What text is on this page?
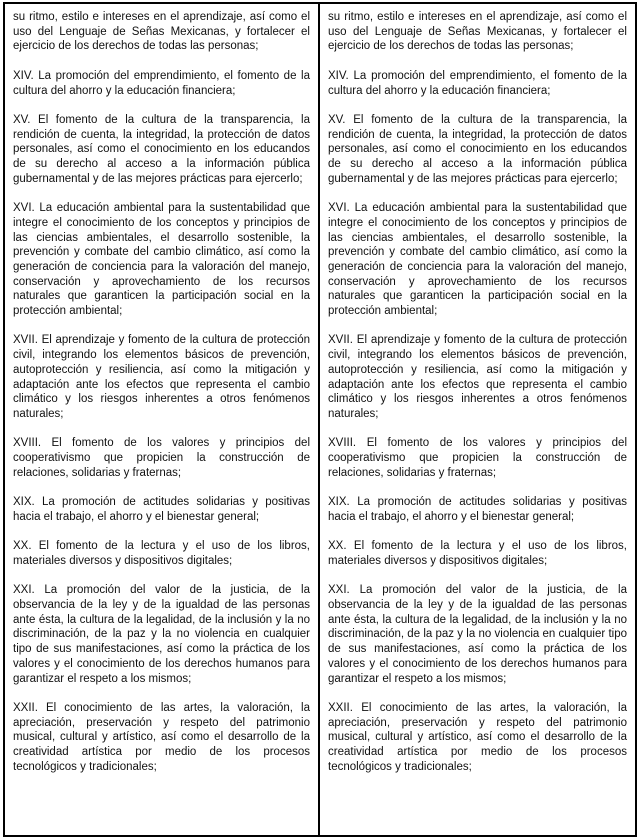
su ritmo, estilo e intereses en el aprendizaje, así como el uso del Lenguaje de Señas Mexicanas, y fortalecer el ejercicio de los derechos de todas las personas;

XIV. La promoción del emprendimiento, el fomento de la cultura del ahorro y la educación financiera;

XV. El fomento de la cultura de la transparencia, la rendición de cuenta, la integridad, la protección de datos personales, así como el conocimiento en los educandos de su derecho al acceso a la información pública gubernamental y de las mejores prácticas para ejercerlo;

XVI. La educación ambiental para la sustentabilidad que integre el conocimiento de los conceptos y principios de las ciencias ambientales, el desarrollo sostenible, la prevención y combate del cambio climático, así como la generación de conciencia para la valoración del manejo, conservación y aprovechamiento de los recursos naturales que garanticen la participación social en la protección ambiental;

XVII. El aprendizaje y fomento de la cultura de protección civil, integrando los elementos básicos de prevención, autoprotección y resiliencia, así como la mitigación y adaptación ante los efectos que representa el cambio climático y los riesgos inherentes a otros fenómenos naturales;

XVIII. El fomento de los valores y principios del cooperativismo que propicien la construcción de relaciones, solidarias y fraternas;

XIX. La promoción de actitudes solidarias y positivas hacia el trabajo, el ahorro y el bienestar general;

XX. El fomento de la lectura y el uso de los libros, materiales diversos y dispositivos digitales;

XXI. La promoción del valor de la justicia, de la observancia de la ley y de la igualdad de las personas ante ésta, la cultura de la legalidad, de la inclusión y la no discriminación, de la paz y la no violencia en cualquier tipo de sus manifestaciones, así como la práctica de los valores y el conocimiento de los derechos humanos para garantizar el respeto a los mismos;

XXII. El conocimiento de las artes, la valoración, la apreciación, preservación y respeto del patrimonio musical, cultural y artístico, así como el desarrollo de la creatividad artística por medio de los procesos tecnológicos y tradicionales;

su ritmo, estilo e intereses en el aprendizaje, así como el uso del Lenguaje de Señas Mexicanas, y fortalecer el ejercicio de los derechos de todas las personas;

XIV. La promoción del emprendimiento, el fomento de la cultura del ahorro y la educación financiera;

XV. El fomento de la cultura de la transparencia, la rendición de cuenta, la integridad, la protección de datos personales, así como el conocimiento en los educandos de su derecho al acceso a la información pública gubernamental y de las mejores prácticas para ejercerlo;

XVI. La educación ambiental para la sustentabilidad que integre el conocimiento de los conceptos y principios de las ciencias ambientales, el desarrollo sostenible, la prevención y combate del cambio climático, así como la generación de conciencia para la valoración del manejo, conservación y aprovechamiento de los recursos naturales que garanticen la participación social en la protección ambiental;

XVII. El aprendizaje y fomento de la cultura de protección civil, integrando los elementos básicos de prevención, autoprotección y resiliencia, así como la mitigación y adaptación ante los efectos que representa el cambio climático y los riesgos inherentes a otros fenómenos naturales;

XVIII. El fomento de los valores y principios del cooperativismo que propicien la construcción de relaciones, solidarias y fraternas;

XIX. La promoción de actitudes solidarias y positivas hacia el trabajo, el ahorro y el bienestar general;

XX. El fomento de la lectura y el uso de los libros, materiales diversos y dispositivos digitales;

XXI. La promoción del valor de la justicia, de la observancia de la ley y de la igualdad de las personas ante ésta, la cultura de la legalidad, de la inclusión y la no discriminación, de la paz y la no violencia en cualquier tipo de sus manifestaciones, así como la práctica de los valores y el conocimiento de los derechos humanos para garantizar el respeto a los mismos;

XXII. El conocimiento de las artes, la valoración, la apreciación, preservación y respeto del patrimonio musical, cultural y artístico, así como el desarrollo de la creatividad artística por medio de los procesos tecnológicos y tradicionales;
